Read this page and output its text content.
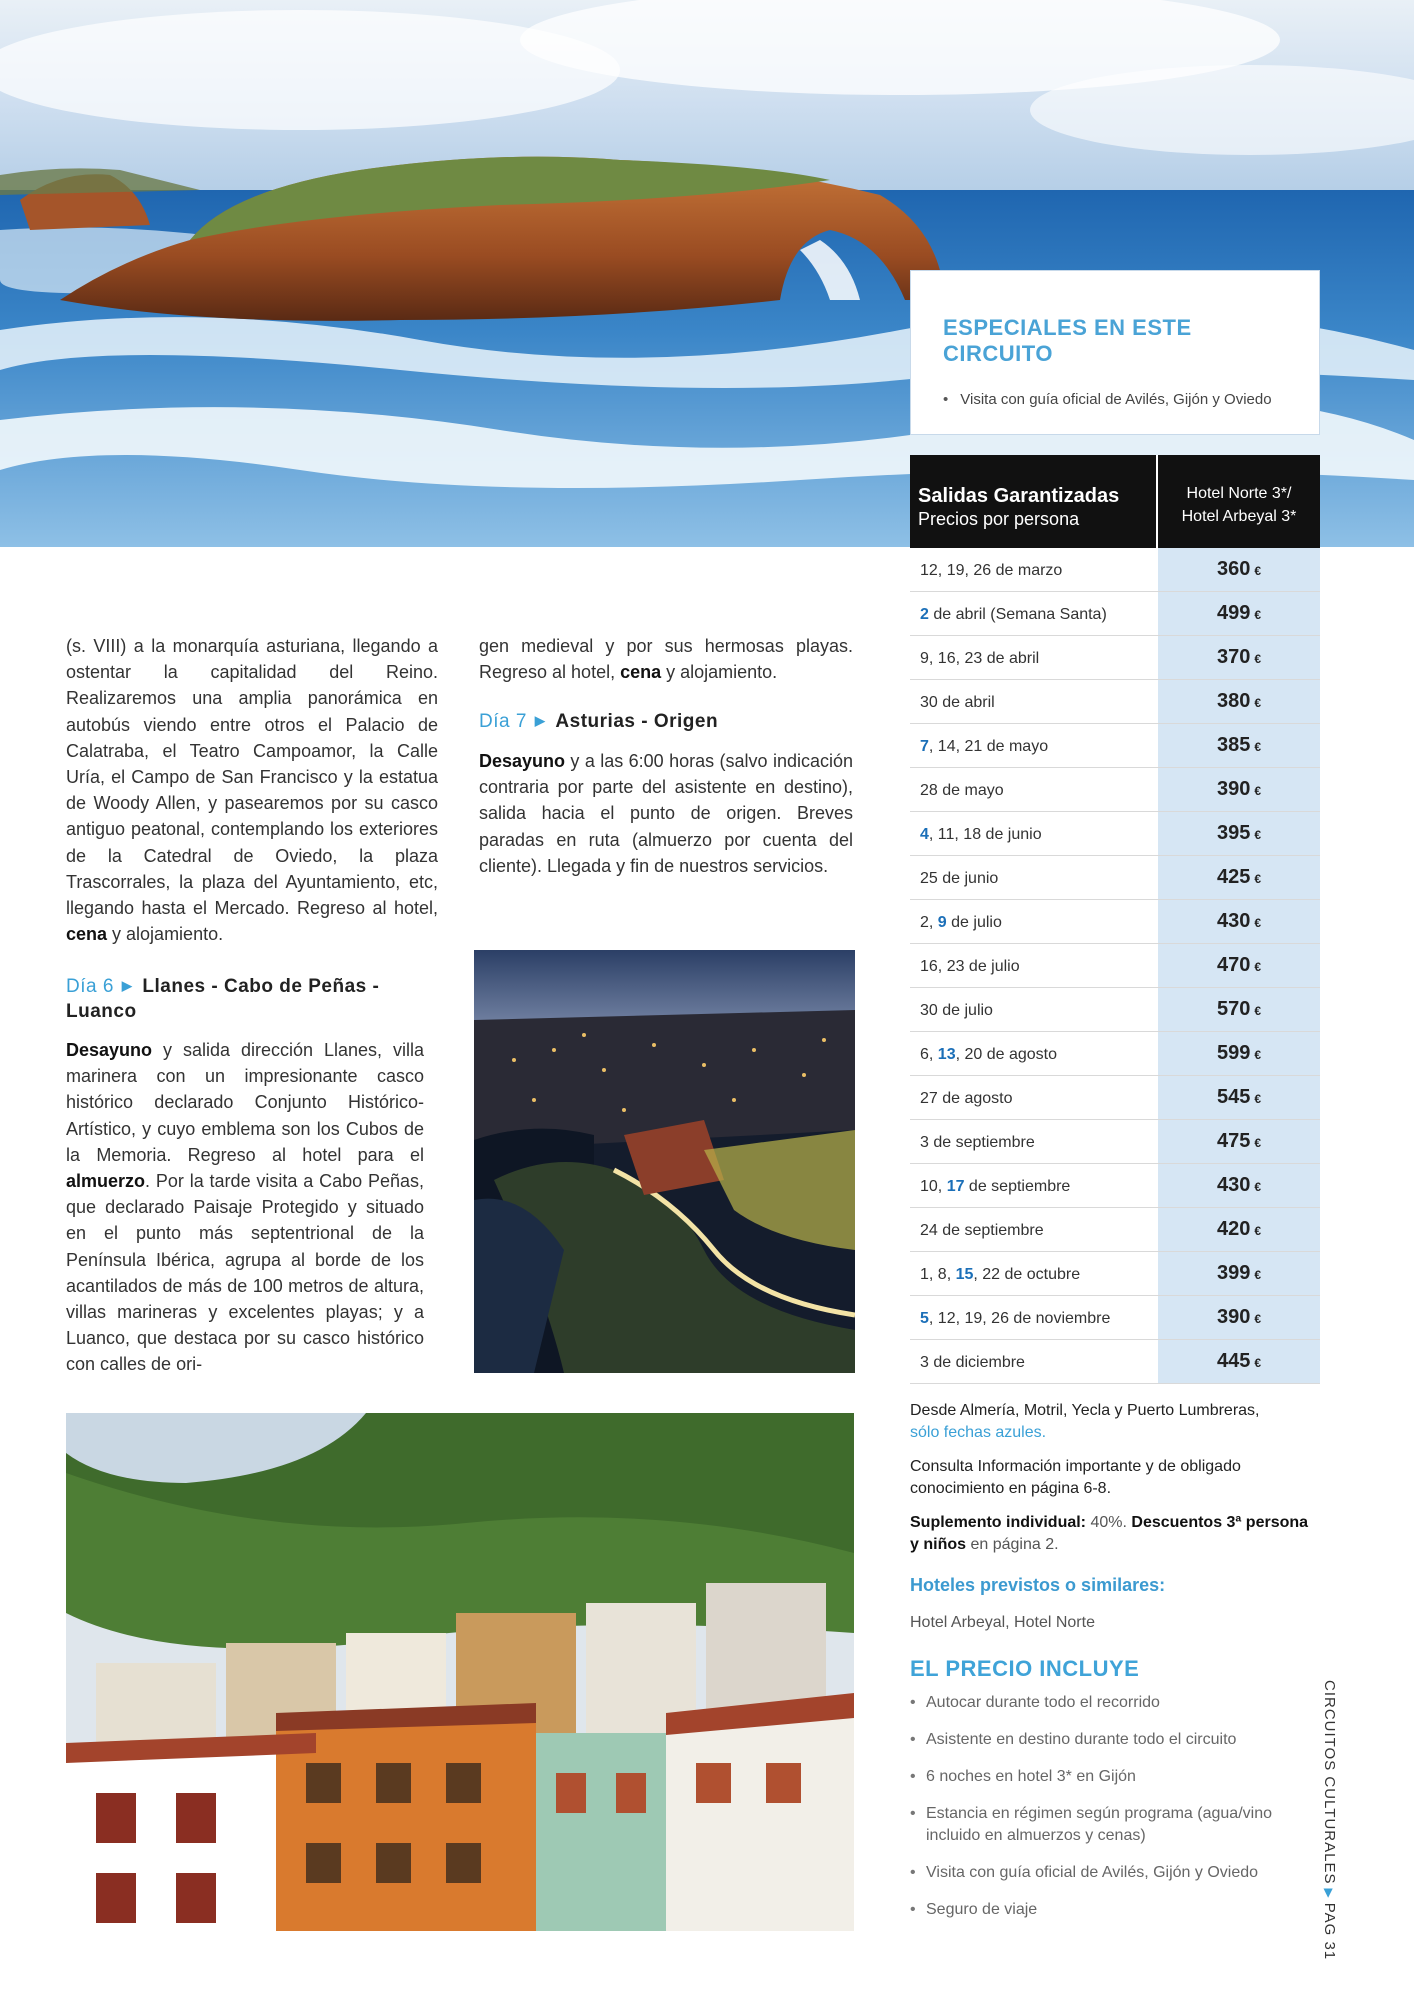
ESPECIALES EN ESTE CIRCUITO
• Visita con guía oficial de Avilés, Gijón y Oviedo
Salidas Garantizadas
Precios por persona
Hotel Norte 3*/
Hotel Arbeyal 3*
12, 19, 26 de marzo	360 €
2 de abril (Semana Santa)	499 €
9, 16, 23 de abril	370 €
30 de abril	380 €
7, 14, 21 de mayo	385 €
28 de mayo	390 €
4, 11, 18 de junio	395 €
25 de junio	425 €
2, 9 de julio	430 €
16, 23 de julio	470 €
30 de julio	570 €
6, 13, 20 de agosto	599 €
27 de agosto	545 €
3 de septiembre	475 €
10, 17 de septiembre	430 €
24 de septiembre	420 €
1, 8, 15, 22 de octubre	399 €
5, 12, 19, 26 de noviembre	390 €
3 de diciembre	445 €

Desde Almería, Motril, Yecla y Puerto Lumbreras,
sólo fechas azules.

Consulta Información importante y de obligado conocimiento en página 6-8.

Suplemento individual: 40%. Descuentos 3ª persona y niños en página 2.

Hoteles previstos o similares:
Hotel Arbeyal, Hotel Norte
EL PRECIO INCLUYE
• Autocar durante todo el recorrido
• Asistente en destino durante todo el circuito
• 6 noches en hotel 3* en Gijón
• Estancia en régimen según programa (agua/vino incluido en almuerzos y cenas)
• Visita con guía oficial de Avilés, Gijón y Oviedo
• Seguro de viaje
(s. VIII) a la monarquía asturiana, llegando a ostentar la capitalidad del Reino. Realizaremos una amplia panorámica en autobús viendo entre otros el Palacio de Calatraba, el Teatro Campoamor, la Calle Uría, el Campo de San Francisco y la estatua de Woody Allen, y pasearemos por su casco antiguo peatonal, contemplando los exteriores de la Catedral de Oviedo, la plaza Trascorrales, la plaza del Ayuntamiento, etc, llegando hasta el Mercado. Regreso al hotel, cena y alojamiento.
Día 6 ▶ Llanes - Cabo de Peñas - Luanco
Desayuno y salida dirección Llanes, villa marinera con un impresionante casco histórico declarado Conjunto Histórico-Artístico, y cuyo emblema son los Cubos de la Memoria. Regreso al hotel para el almuerzo. Por la tarde visita a Cabo Peñas, que declarado Paisaje Protegido y situado en el punto más septentrional de la Península Ibérica, agrupa al borde de los acantilados de más de 100 metros de altura, villas marineras y excelentes playas; y a Luanco, que destaca por su casco histórico con calles de ori-
gen medieval y por sus hermosas playas. Regreso al hotel, cena y alojamiento.
Día 7 ▶ Asturias - Origen
Desayuno y a las 6:00 horas (salvo indicación contraria por parte del asistente en destino), salida hacia el punto de origen. Breves paradas en ruta (almuerzo por cuenta del cliente). Llegada y fin de nuestros servicios.
CIRCUITOS CULTURALES▶PAG 31
